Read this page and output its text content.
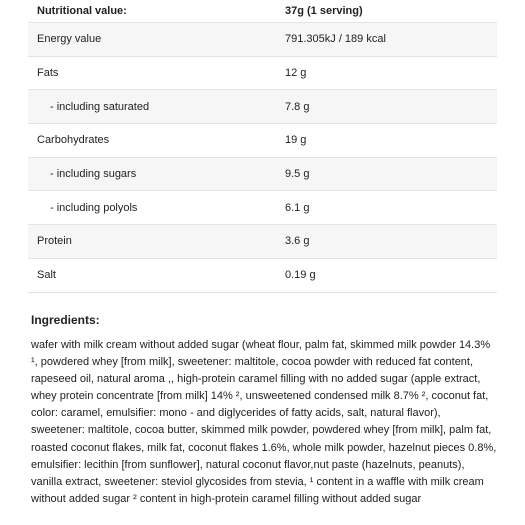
Nutritional value:	37g (1 serving)
Energy value	791.305kJ / 189 kcal
Fats	12 g
- including saturated	7.8 g
Carbohydrates	19 g
- including sugars	9.5 g
- including polyols	6.1 g
Protein	3.6 g
Salt	0.19 g
Ingredients:

wafer with milk cream without added sugar (wheat flour, palm fat, skimmed milk powder 14.3% ¹, powdered whey [from milk], sweetener: maltitole, cocoa powder with reduced fat content, rapeseed oil, natural aroma ,, high-protein caramel filling with no added sugar (apple extract, whey protein concentrate [from milk] 14% ², unsweetened condensed milk 8.7% ², coconut fat, color: caramel, emulsifier: mono - and diglycerides of fatty acids, salt, natural flavor), sweetener: maltitole, cocoa butter, skimmed milk powder, powdered whey [from milk], palm fat, roasted coconut flakes, milk fat, coconut flakes 1.6%, whole milk powder, hazelnut pieces 0.8%, emulsifier: lecithin [from sunflower], natural coconut flavor,nut paste (hazelnuts, peanuts), vanilla extract, sweetener: steviol glycosides from stevia, ¹ content in a waffle with milk cream without added sugar ² content in high-protein caramel filling without added sugar
